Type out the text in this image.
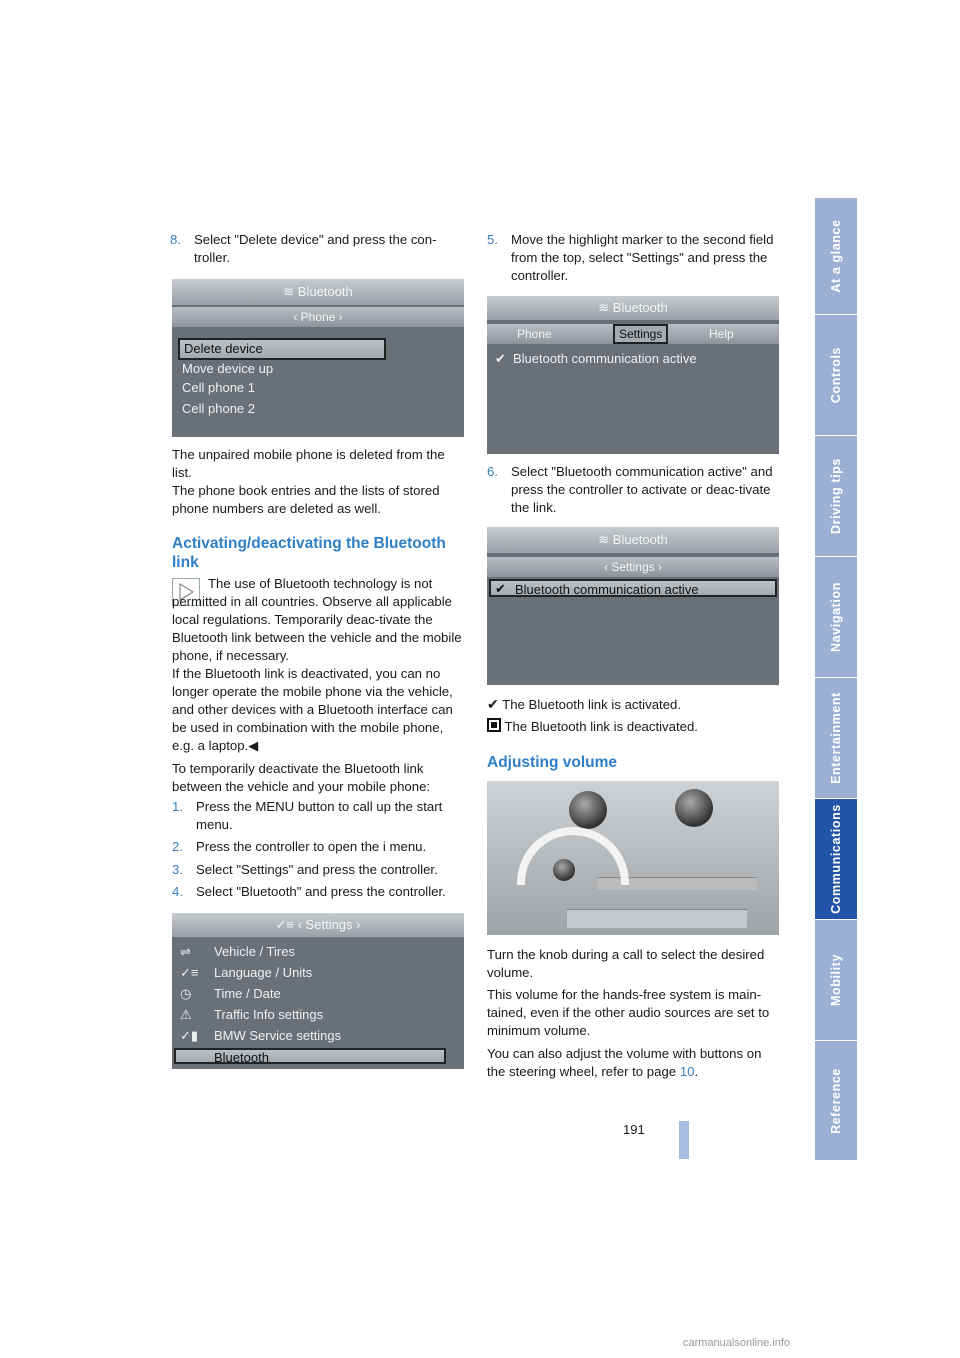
8. Select "Delete device" and press the con-troller.
≋ Bluetooth
‹ Phone ›
Delete device
Move device up
Cell phone 1
Cell phone 2

The unpaired mobile phone is deleted from the list.

The phone book entries and the lists of stored phone numbers are deleted as well.

Activating/deactivating the Bluetooth link

The use of Bluetooth technology is not permitted in all countries. Observe all applicable local regulations. Temporarily deac-tivate the Bluetooth link between the vehicle and the mobile phone, if necessary.

If the Bluetooth link is deactivated, you can no longer operate the mobile phone via the vehicle, and other devices with a Bluetooth interface can be used in combination with the mobile phone, e.g. a laptop.◀

To temporarily deactivate the Bluetooth link between the vehicle and your mobile phone:

1. Press the MENU button to call up the start menu.
2. Press the controller to open the i menu.
3. Select "Settings" and press the controller.
4. Select "Bluetooth" and press the controller.
✓≡ ‹ Settings ›
⇌ Vehicle / Tires
✓≡ Language / Units
◷ Time / Date
⚠ Traffic Info settings
✓▮ BMW Service settings
Bluetooth
5. Move the highlight marker to the second field from the top, select "Settings" and press the controller.
≋ Bluetooth
Phone	Settings	Help
✔ Bluetooth communication active
6. Select "Bluetooth communication active" and press the controller to activate or deac-tivate the link.
≋ Bluetooth
‹ Settings ›
Bluetooth communication active
✔
✔ The Bluetooth link is activated.
The Bluetooth link is deactivated.
Adjusting volume

Turn the knob during a call to select the desired volume.

This volume for the hands-free system is main-tained, even if the other audio sources are set to minimum volume.

You can also adjust the volume with buttons on the steering wheel, refer to page 10.

At a glance
Controls
Driving tips
Navigation
Entertainment
Communications
Mobility
Reference
191
carmanualsonline.info
